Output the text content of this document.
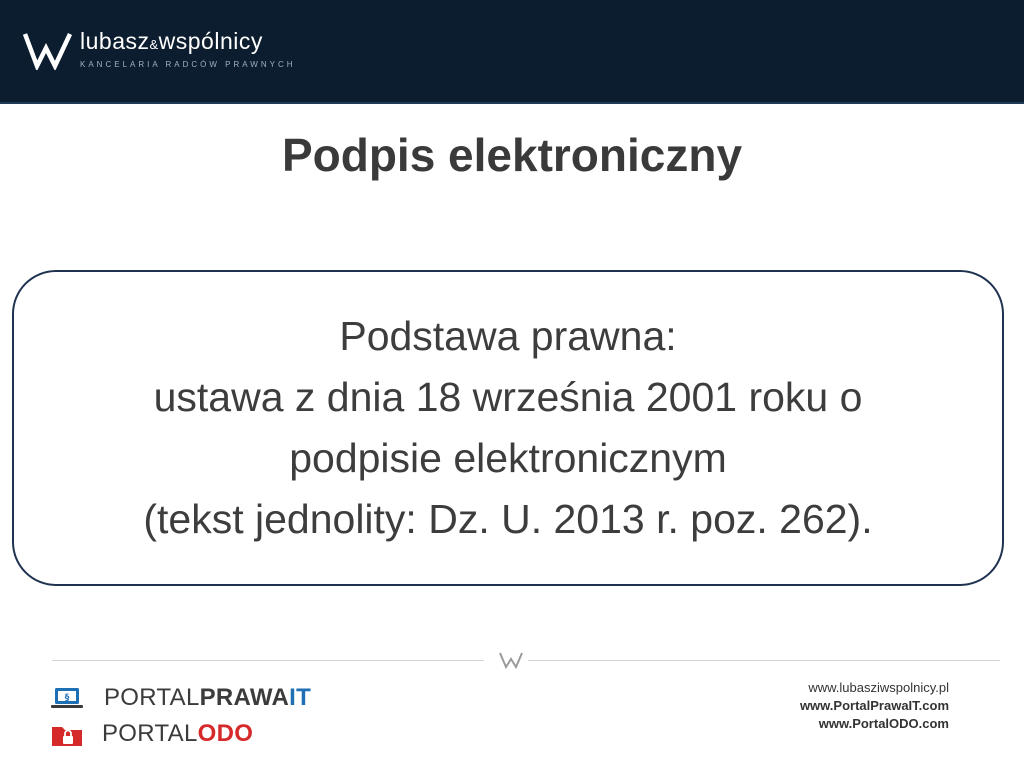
lubasz&wspólnicy
KANCELARIA RADCÓW PRAWNYCH
Podpis elektroniczny
Podstawa prawna:
ustawa z dnia 18 września 2001 roku o
podpisie elektronicznym
(tekst jednolity: Dz. U. 2013 r. poz. 262).
§ PORTALPRAWAIT
PORTALODO
www.lubasziwspolnicy.pl
www.PortalPrawaIT.com
www.PortalODO.com
